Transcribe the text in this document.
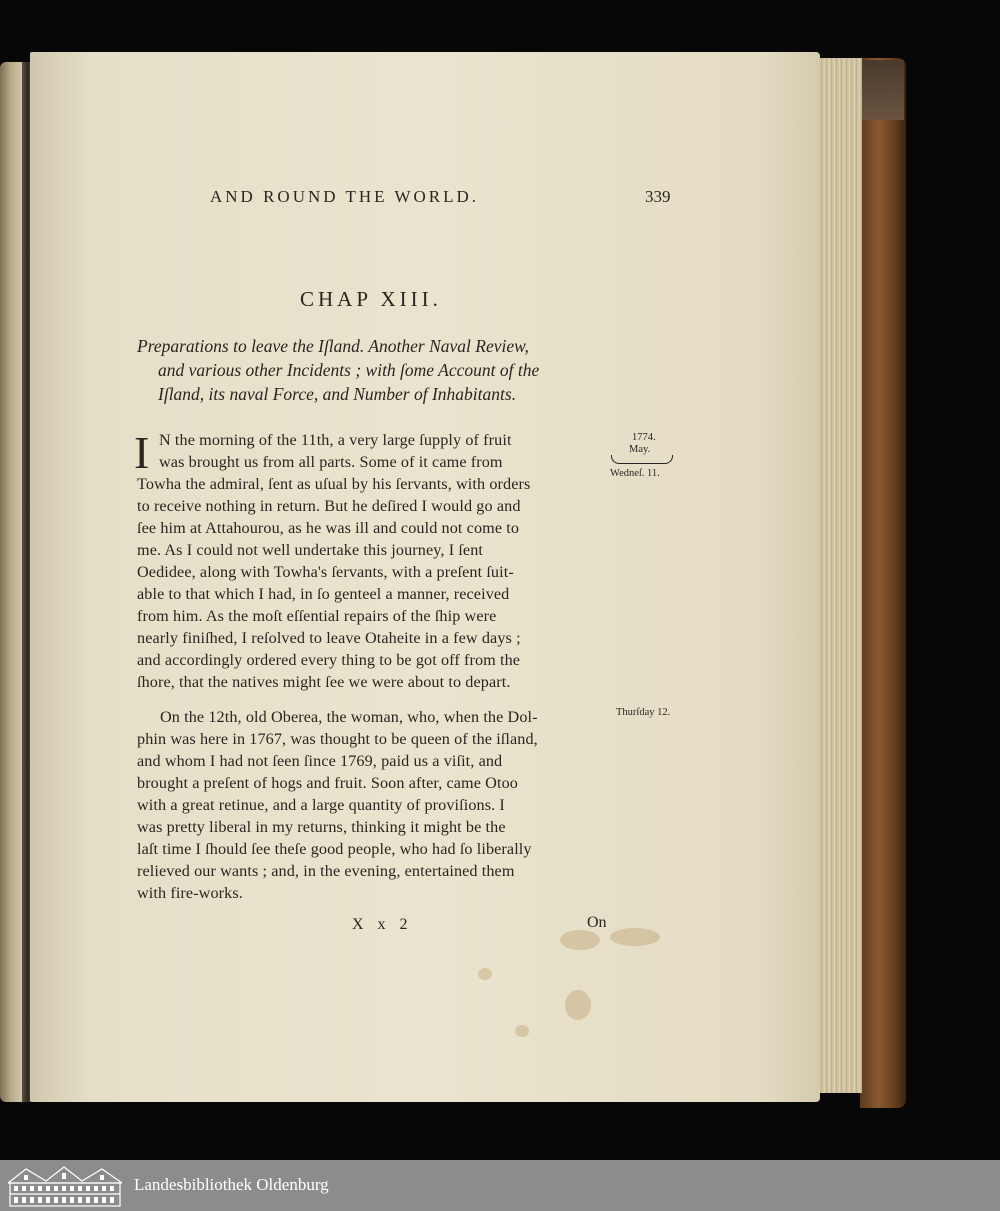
AND ROUND THE WORLD.	339
CHAP XIII.
Preparations to leave the Iſland. Another Naval Review,
and various other Incidents ; with ſome Account of the
Iſland, its naval Force, and Number of Inhabitants.
I N the morning of the 11th, a very large ſupply of fruit
was brought us from all parts. Some of it came from
Towha the admiral, ſent as uſual by his ſervants, with orders
to receive nothing in return. But he deſired I would go and
ſee him at Attahourou, as he was ill and could not come to
me. As I could not well undertake this journey, I ſent
Oedidee, along with Towha's ſervants, with a preſent ſuit-
able to that which I had, in ſo genteel a manner, received
from him. As the moſt eſſential repairs of the ſhip were
nearly finiſhed, I reſolved to leave Otaheite in a few days ;
and accordingly ordered every thing to be got off from the
ſhore, that the natives might ſee we were about to depart.
On the 12th, old Oberea, the woman, who, when the Dol-
phin was here in 1767, was thought to be queen of the iſland,
and whom I had not ſeen ſince 1769, paid us a viſit, and
brought a preſent of hogs and fruit. Soon after, came Otoo
with a great retinue, and a large quantity of proviſions. I
was pretty liberal in my returns, thinking it might be the
laſt time I ſhould ſee theſe good people, who had ſo liberally
relieved our wants ; and, in the evening, entertained them
with fire-works.
1774.
May.
Wedneſ. 11.
Thurſday 12.
X x 2	On
Landesbibliothek Oldenburg
